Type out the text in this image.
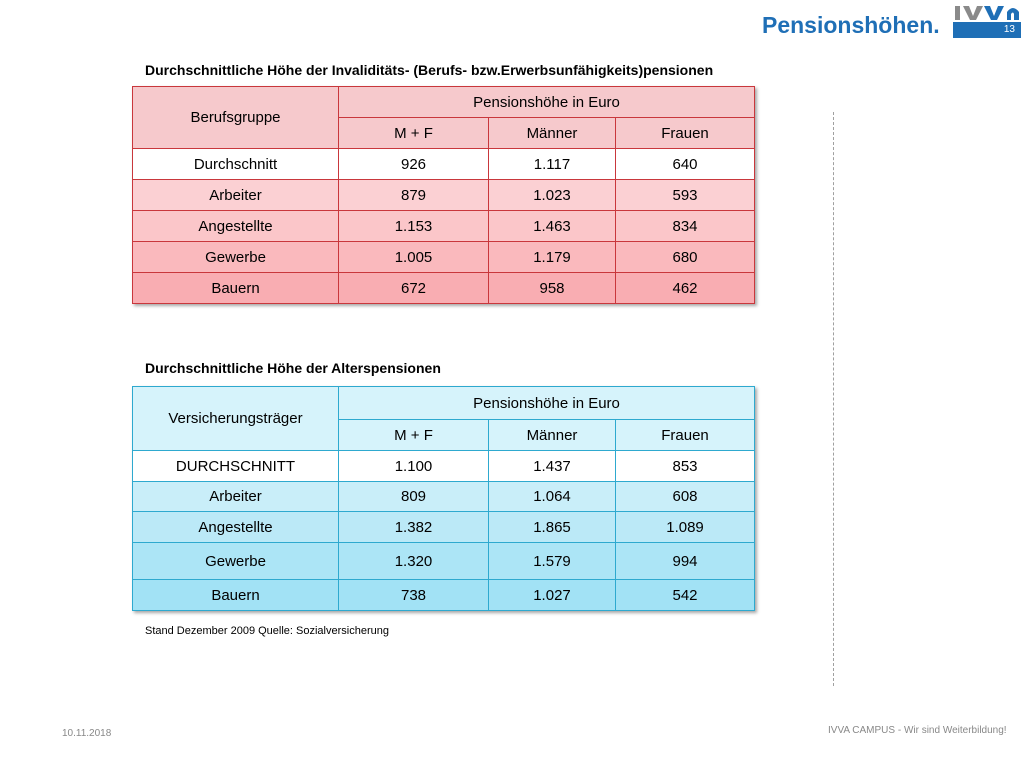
Pensionshöhen.	13
Durchschnittliche Höhe der Invaliditäts- (Berufs- bzw.Erwerbsunfähigkeits)pensionen
Berufsgruppe	Pensionshöhe in Euro		
	M + F	Männer	Frauen
Durchschnitt	926	1.117	640
Arbeiter	879	1.023	593
Angestellte	1.153	1.463	834
Gewerbe	1.005	1.179	680
Bauern	672	958	462
Durchschnittliche Höhe der Alterspensionen
Versicherungsträger	Pensionshöhe in Euro		
	M + F	Männer	Frauen
DURCHSCHNITT	1.100	1.437	853
Arbeiter	809	1.064	608
Angestellte	1.382	1.865	1.089
Gewerbe	1.320	1.579	994
Bauern	738	1.027	542
Stand Dezember 2009 Quelle: Sozialversicherung
10.11.2018	IVVA CAMPUS - Wir sind Weiterbildung!
